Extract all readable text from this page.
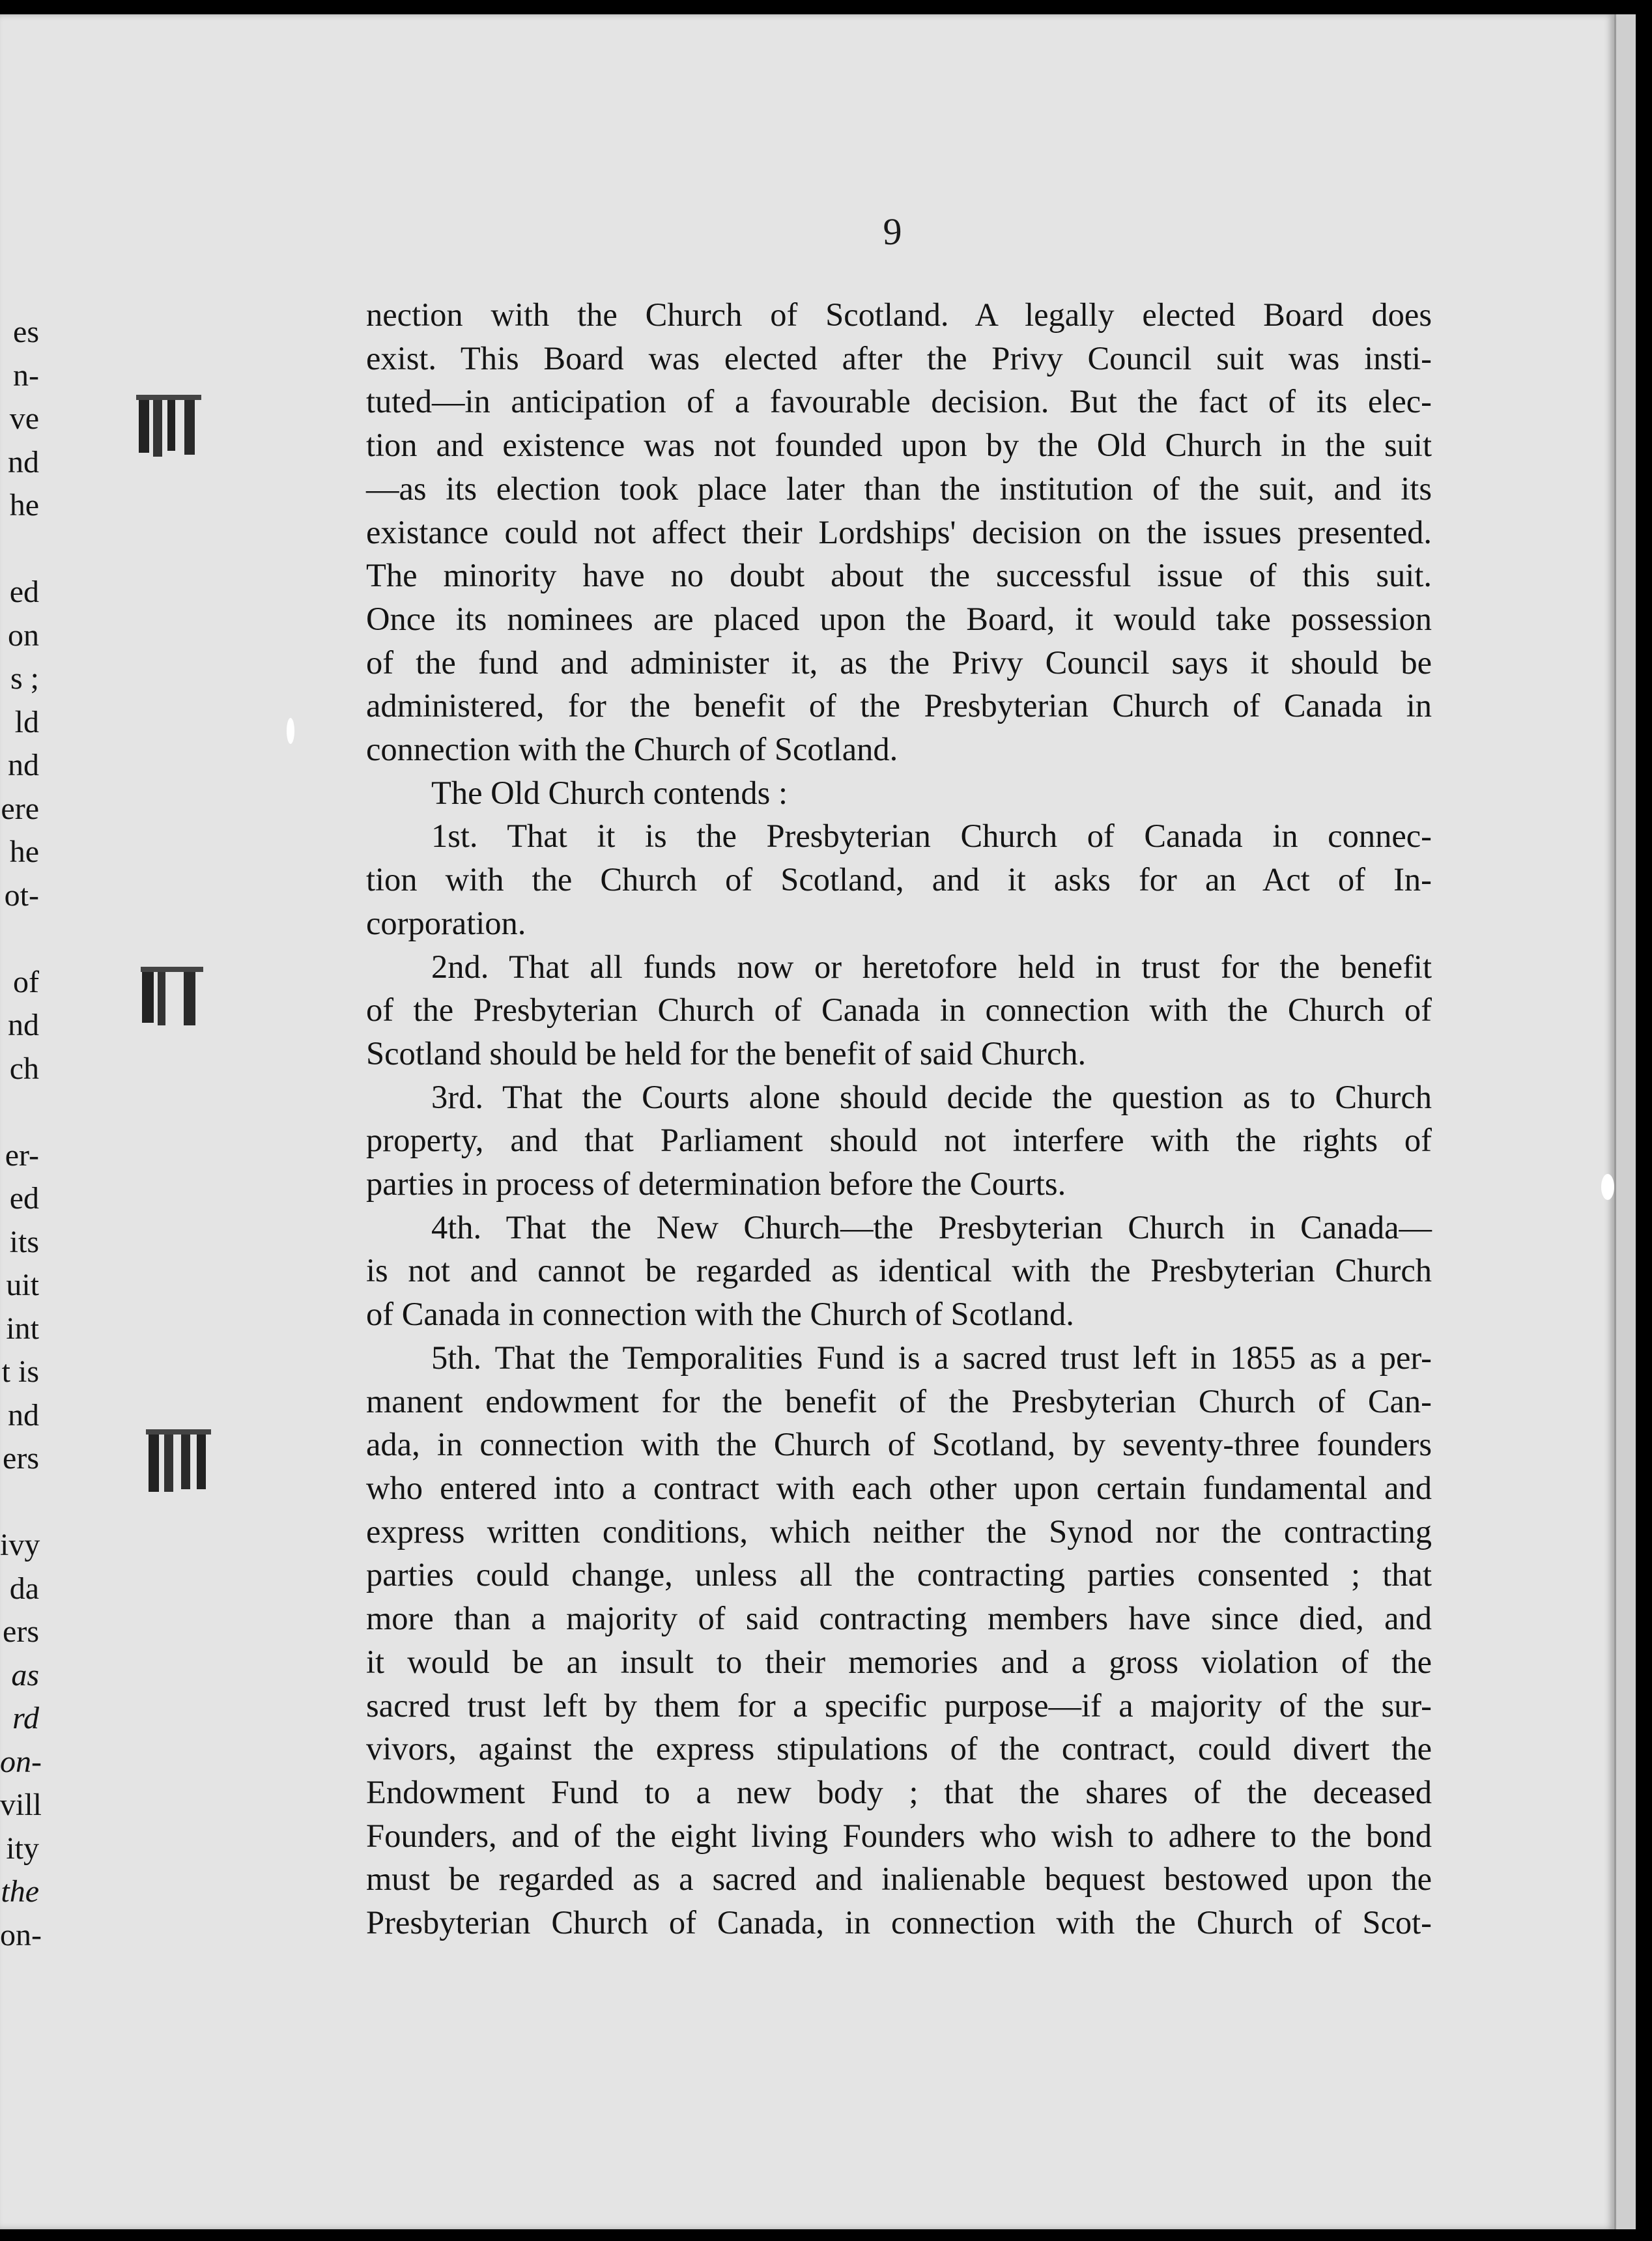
9
es
n-
ve
nd
he
ed
on
s ;
ld
nd
ere
he
ot-
of
nd
ch
er-
ed
its
uit
int
t is
nd
ers
ivy
da
ers
as
rd
on-
vill
ity
the
on-
nection with the Church of Scotland. A legally elected Board does
exist. This Board was elected after the Privy Council suit was insti-
tuted—in anticipation of a favourable decision. But the fact of its elec-
tion and existence was not founded upon by the Old Church in the suit
—as its election took place later than the institution of the suit, and its
existance could not affect their Lordships' decision on the issues presented.
The minority have no doubt about the successful issue of this suit.
Once its nominees are placed upon the Board, it would take possession
of the fund and administer it, as the Privy Council says it should be
administered, for the benefit of the Presbyterian Church of Canada in
connection with the Church of Scotland.
The Old Church contends :
1st. That it is the Presbyterian Church of Canada in connec-
tion with the Church of Scotland, and it asks for an Act of In-
corporation.
2nd. That all funds now or heretofore held in trust for the benefit
of the Presbyterian Church of Canada in connection with the Church of
Scotland should be held for the benefit of said Church.
3rd. That the Courts alone should decide the question as to Church
property, and that Parliament should not interfere with the rights of
parties in process of determination before the Courts.
4th. That the New Church—the Presbyterian Church in Canada—
is not and cannot be regarded as identical with the Presbyterian Church
of Canada in connection with the Church of Scotland.
5th. That the Temporalities Fund is a sacred trust left in 1855 as a per-
manent endowment for the benefit of the Presbyterian Church of Can-
ada, in connection with the Church of Scotland, by seventy-three founders
who entered into a contract with each other upon certain fundamental and
express written conditions, which neither the Synod nor the contracting
parties could change, unless all the contracting parties consented ; that
more than a majority of said contracting members have since died, and
it would be an insult to their memories and a gross violation of the
sacred trust left by them for a specific purpose—if a majority of the sur-
vivors, against the express stipulations of the contract, could divert the
Endowment Fund to a new body ; that the shares of the deceased
Founders, and of the eight living Founders who wish to adhere to the bond
must be regarded as a sacred and inalienable bequest bestowed upon the
Presbyterian Church of Canada, in connection with the Church of Scot-
